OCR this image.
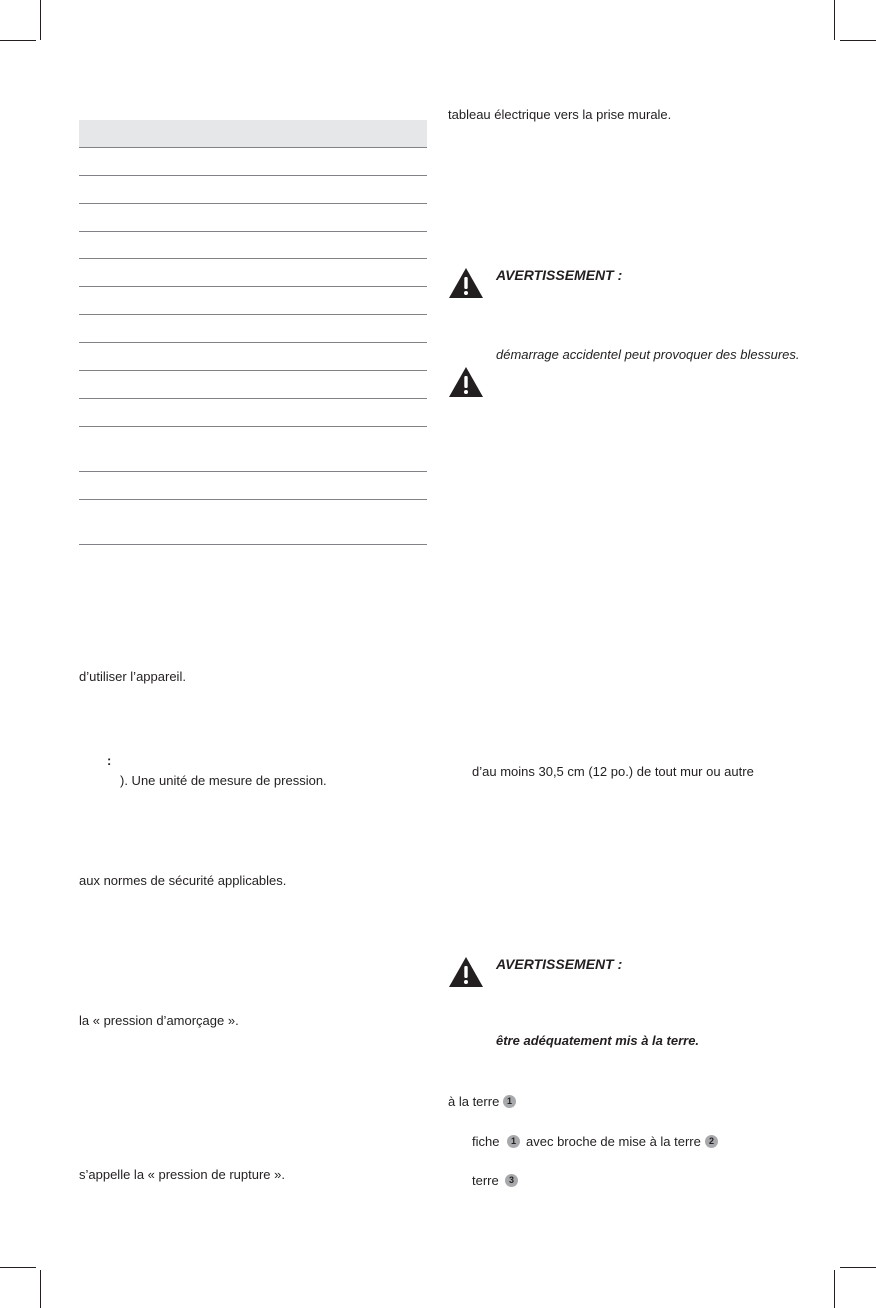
d’utiliser l’appareil.
:
). Une unité de mesure de pression.
aux normes de sécurité applicables.
la « pression d’amorçage ».
s’appelle la « pression de rupture ».
tableau électrique vers la prise murale.
AVERTISSEMENT :
démarrage accidentel peut provoquer des blessures.
d’au moins 30,5 cm (12 po.) de tout mur ou autre
AVERTISSEMENT :
être adéquatement mis à la terre.
à la terre 1
fiche	1 avec broche de mise à la terre 2
terre	3
